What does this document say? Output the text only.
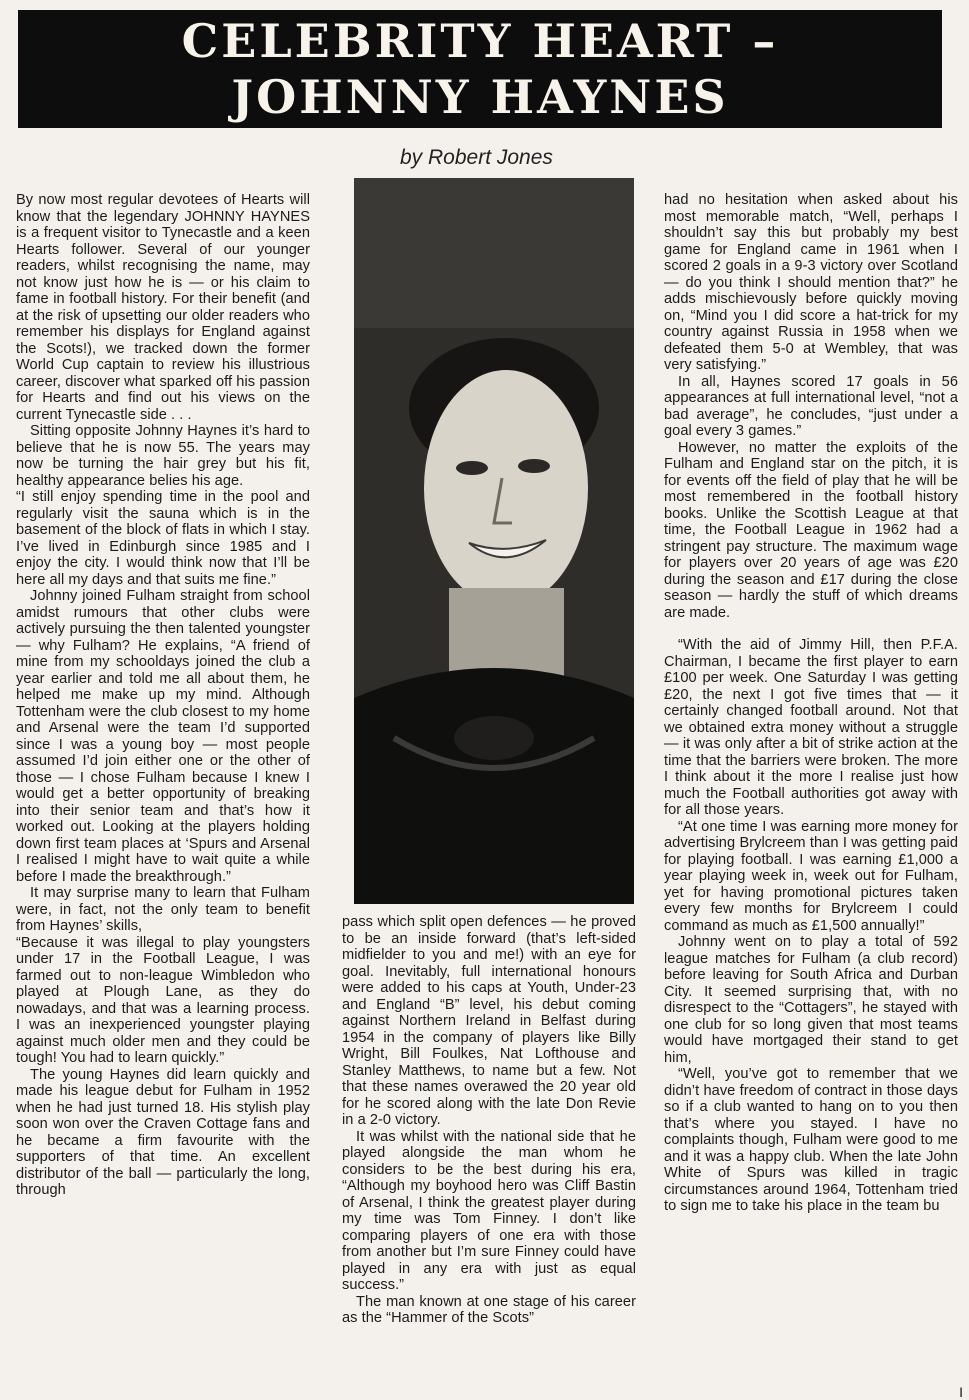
CELEBRITY HEART –
JOHNNY HAYNES
by Robert Jones

By now most regular devotees of Hearts will know that the legendary JOHNNY HAYNES is a frequent visitor to Tynecastle and a keen Hearts follower. Several of our younger readers, whilst recognising the name, may not know just how he is — or his claim to fame in football history. For their benefit (and at the risk of upsetting our older readers who remember his displays for England against the Scots!), we tracked down the former World Cup captain to review his illustrious career, discover what sparked off his passion for Hearts and find out his views on the current Tynecastle side . . .

Sitting opposite Johnny Haynes it’s hard to believe that he is now 55. The years may now be turning the hair grey but his fit, healthy appearance belies his age.

“I still enjoy spending time in the pool and regularly visit the sauna which is in the basement of the block of flats in which I stay. I’ve lived in Edinburgh since 1985 and I enjoy the city. I would think now that I’ll be here all my days and that suits me fine.”

Johnny joined Fulham straight from school amidst rumours that other clubs were actively pursuing the then talented youngster — why Fulham? He explains, “A friend of mine from my schooldays joined the club a year earlier and told me all about them, he helped me make up my mind. Although Tottenham were the club closest to my home and Arsenal were the team I’d supported since I was a young boy — most people assumed I’d join either one or the other of those — I chose Fulham because I knew I would get a better opportunity of breaking into their senior team and that’s how it worked out. Looking at the players holding down first team places at ‘Spurs and Arsenal I realised I might have to wait quite a while before I made the breakthrough.”

It may surprise many to learn that Fulham were, in fact, not the only team to benefit from Haynes’ skills,

“Because it was illegal to play youngsters under 17 in the Football League, I was farmed out to non-league Wimbledon who played at Plough Lane, as they do nowadays, and that was a learning process. I was an inexperienced youngster playing against much older men and they could be tough! You had to learn quickly.”

The young Haynes did learn quickly and made his league debut for Fulham in 1952 when he had just turned 18. His stylish play soon won over the Craven Cottage fans and he became a firm favourite with the supporters of that time. An excellent distributor of the ball — particularly the long, through

pass which split open defences — he proved to be an inside forward (that’s left-sided midfielder to you and me!) with an eye for goal. Inevitably, full international honours were added to his caps at Youth, Under-23 and England “B” level, his debut coming against Northern Ireland in Belfast during 1954 in the company of players like Billy Wright, Bill Foulkes, Nat Lofthouse and Stanley Matthews, to name but a few. Not that these names overawed the 20 year old for he scored along with the late Don Revie in a 2-0 victory.

It was whilst with the national side that he played alongside the man whom he considers to be the best during his era, “Although my boyhood hero was Cliff Bastin of Arsenal, I think the greatest player during my time was Tom Finney. I don’t like comparing players of one era with those from another but I’m sure Finney could have played in any era with just as equal success.”

The man known at one stage of his career as the “Hammer of the Scots”

had no hesitation when asked about his most memorable match, “Well, perhaps I shouldn’t say this but probably my best game for England came in 1961 when I scored 2 goals in a 9-3 victory over Scotland — do you think I should mention that?” he adds mischievously before quickly moving on, “Mind you I did score a hat-trick for my country against Russia in 1958 when we defeated them 5-0 at Wembley, that was very satisfying.”

In all, Haynes scored 17 goals in 56 appearances at full international level, “not a bad average”, he concludes, “just under a goal every 3 games.”

However, no matter the exploits of the Fulham and England star on the pitch, it is for events off the field of play that he will be most remembered in the football history books. Unlike the Scottish League at that time, the Football League in 1962 had a stringent pay structure. The maximum wage for players over 20 years of age was £20 during the season and £17 during the close season — hardly the stuff of which dreams are made.

“With the aid of Jimmy Hill, then P.F.A. Chairman, I became the first player to earn £100 per week. One Saturday I was getting £20, the next I got five times that — it certainly changed football around. Not that we obtained extra money without a struggle — it was only after a bit of strike action at the time that the barriers were broken. The more I think about it the more I realise just how much the Football authorities got away with for all those years.

“At one time I was earning more money for advertising Brylcreem than I was getting paid for playing football. I was earning £1,000 a year playing week in, week out for Fulham, yet for having promotional pictures taken every few months for Brylcreem I could command as much as £1,500 annually!”

Johnny went on to play a total of 592 league matches for Fulham (a club record) before leaving for South Africa and Durban City. It seemed surprising that, with no disrespect to the “Cottagers”, he stayed with one club for so long given that most teams would have mortgaged their stand to get him,

“Well, you’ve got to remember that we didn’t have freedom of contract in those days so if a club wanted to hang on to you then that’s where you stayed. I have no complaints though, Fulham were good to me and it was a happy club. When the late John White of Spurs was killed in tragic circumstances around 1964, Tottenham tried to sign me to take his place in the team bu

I
